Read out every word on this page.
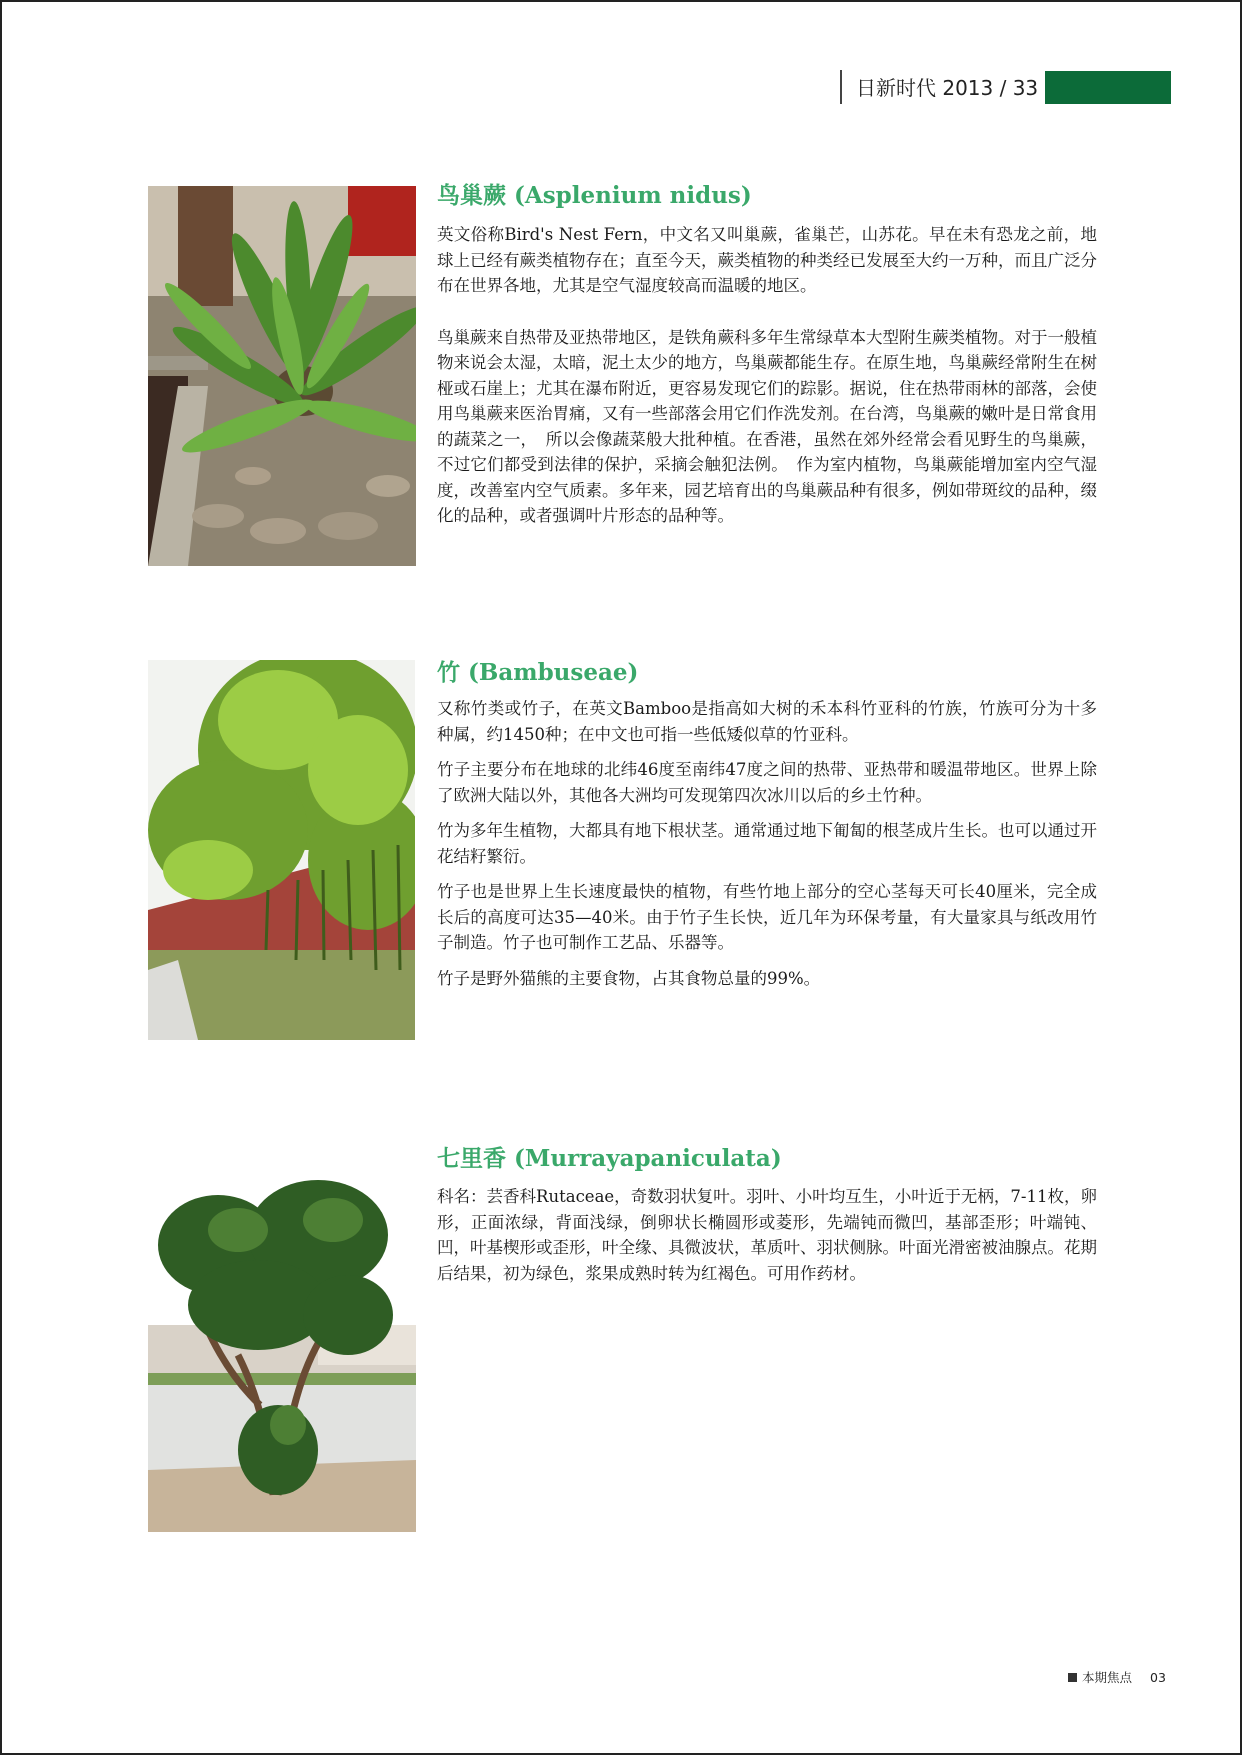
日新时代 2013 / 33
鸟巢蕨 (Asplenium nidus)

英文俗称Bird's Nest Fern，中文名又叫巢蕨，雀巢芒，山苏花。早在未有恐龙之前，地球上已经有蕨类植物存在；直至今天，蕨类植物的种类经已发展至大约一万种，而且广泛分布在世界各地，尤其是空气湿度较高而温暖的地区。

鸟巢蕨来自热带及亚热带地区，是铁角蕨科多年生常绿草本大型附生蕨类植物。对于一般植物来说会太湿，太暗，泥土太少的地方，鸟巢蕨都能生存。在原生地，鸟巢蕨经常附生在树桠或石崖上；尤其在瀑布附近，更容易发现它们的踪影。据说，住在热带雨林的部落，会使用鸟巢蕨来医治胃痛，又有一些部落会用它们作洗发剂。在台湾，鸟巢蕨的嫩叶是日常食用的蔬菜之一，　所以会像蔬菜般大批种植。在香港，虽然在郊外经常会看见野生的鸟巢蕨，不过它们都受到法律的保护，采摘会触犯法例。　作为室内植物，鸟巢蕨能增加室内空气湿度，改善室内空气质素。多年来，园艺培育出的鸟巢蕨品种有很多，例如带斑纹的品种，缀化的品种，或者强调叶片形态的品种等。

竹 (Bambuseae)

又称竹类或竹子，在英文Bamboo是指高如大树的禾本科竹亚科的竹族，竹族可分为十多种属，约1450种；在中文也可指一些低矮似草的竹亚科。

竹子主要分布在地球的北纬46度至南纬47度之间的热带、亚热带和暖温带地区。世界上除了欧洲大陆以外，其他各大洲均可发现第四次冰川以后的乡土竹种。

竹为多年生植物，大都具有地下根状茎。通常通过地下匍匐的根茎成片生长。也可以通过开花结籽繁衍。

竹子也是世界上生长速度最快的植物，有些竹地上部分的空心茎每天可长40厘米，完全成长后的高度可达35—40米。由于竹子生长快，近几年为环保考量，有大量家具与纸改用竹子制造。竹子也可制作工艺品、乐器等。

竹子是野外猫熊的主要食物，占其食物总量的99%。

七里香 (Murrayapaniculata)

科名：芸香科Rutaceae，奇数羽状复叶。羽叶、小叶均互生，小叶近于无柄，7-11枚，卵形，正面浓绿，背面浅绿，倒卵状长椭圆形或菱形，先端钝而微凹，基部歪形；叶端钝、凹，叶基楔形或歪形，叶全缘、具微波状，革质叶、羽状侧脉。叶面光滑密被油腺点。花期后结果，初为绿色，浆果成熟时转为红褐色。可用作药材。

本期焦点 03
